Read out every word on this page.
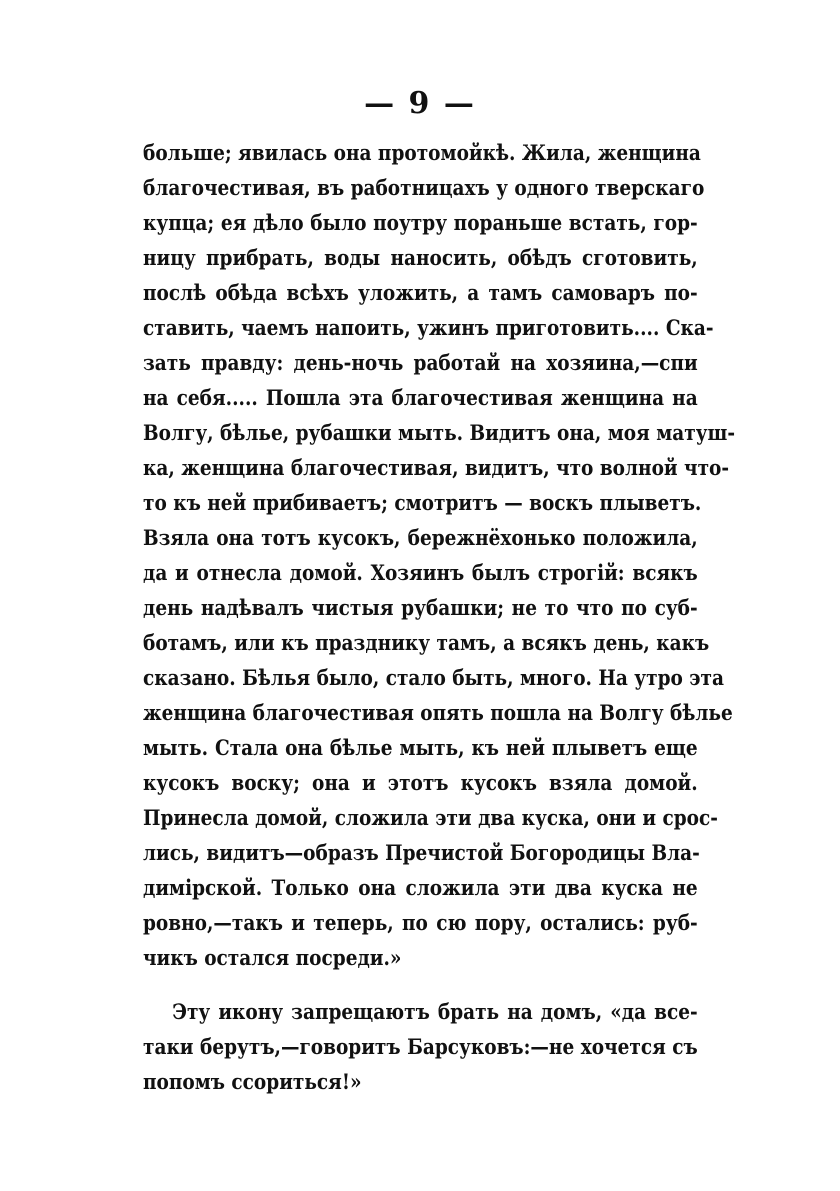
— 9 —
больше; явилась она протомойкѣ. Жила, женщина
благочестивая, въ работницахъ у одного тверскаго
купца; ея дѣло было поутру пораньше встать, гор-
ницу прибрать, воды наносить, обѣдъ сготовить,
послѣ обѣда всѣхъ уложить, а тамъ самоваръ по-
ставить, чаемъ напоить, ужинъ приготовить.... Ска-
зать правду: день-ночь работай на хозяина,—спи
на себя..... Пошла эта благочестивая женщина на
Волгу, бѣлье, рубашки мыть. Видитъ она, моя матуш-
ка, женщина благочестивая, видитъ, что волной что-
то къ ней прибиваетъ; смотритъ — воскъ плыветъ.
Взяла она тотъ кусокъ, бережнёхонько положила,
да и отнесла домой. Хозяинъ былъ строгій: всякъ
день надѣвалъ чистыя рубашки; не то что по суб-
ботамъ, или къ празднику тамъ, а всякъ день, какъ
сказано. Бѣлья было, стало быть, много. На утро эта
женщина благочестивая опять пошла на Волгу бѣлье
мыть. Стала она бѣлье мыть, къ ней плыветъ еще
кусокъ воску; она и этотъ кусокъ взяла домой.
Принесла домой, сложила эти два куска, они и срос-
лись, видитъ—образъ Пречистой Богородицы Вла-
димірской. Только она сложила эти два куска не
ровно,—такъ и теперь, по сю пору, остались: руб-
чикъ остался посреди.»
Эту икону запрещаютъ брать на домъ, «да все-
таки берутъ,—говоритъ Барсуковъ:—не хочется съ
попомъ ссориться!»
